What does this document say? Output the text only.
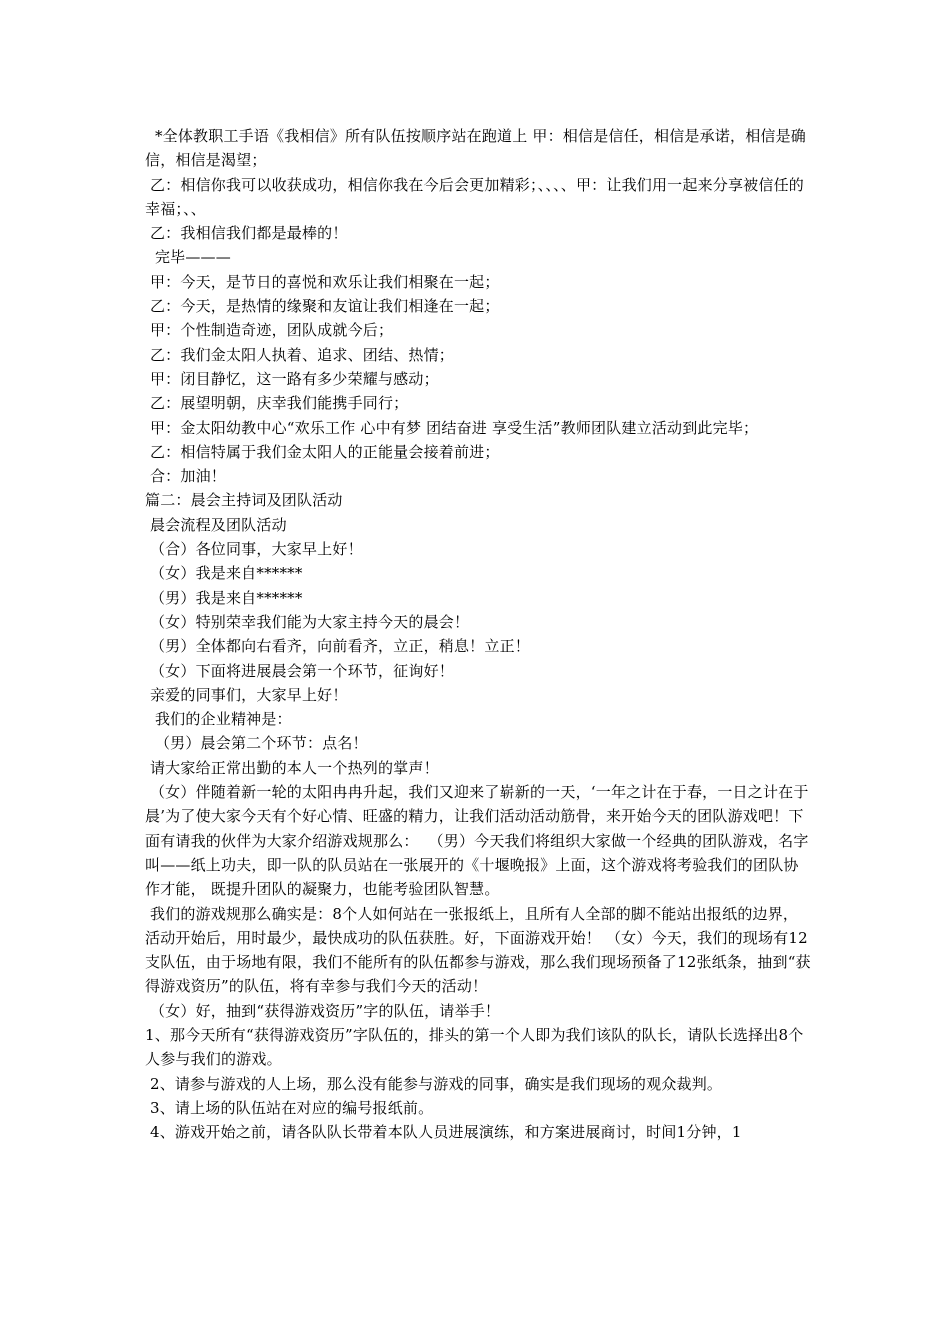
*全体教职工手语《我相信》所有队伍按顺序站在跑道上 甲：相信是信任，相信是承诺，相信是确信，相信是渴望；

乙：相信你我可以收获成功，相信你我在今后会更加精彩；、、、、甲：让我们用一起来分享被信任的幸福；、、

乙：我相信我们都是最棒的！

完毕———

甲：今天，是节日的喜悦和欢乐让我们相聚在一起；

乙：今天，是热情的缘聚和友谊让我们相逢在一起；

甲：个性制造奇迹，团队成就今后；

乙：我们金太阳人执着、追求、团结、热情；

甲：闭目静忆，这一路有多少荣耀与感动；

乙：展望明朝，庆幸我们能携手同行；

甲：金太阳幼教中心“欢乐工作 心中有梦 团结奋进 享受生活”教师团队建立活动到此完毕；

乙：相信特属于我们金太阳人的正能量会接着前进；

合：加油！

篇二：晨会主持词及团队活动

晨会流程及团队活动

（合）各位同事，大家早上好！

（女）我是来自******

（男）我是来自******

（女）特别荣幸我们能为大家主持今天的晨会！

（男）全体都向右看齐，向前看齐，立正，稍息！立正！

（女）下面将进展晨会第一个环节，征询好！

亲爱的同事们，大家早上好！

我们的企业精神是：

（男）晨会第二个环节：点名！

请大家给正常出勤的本人一个热列的掌声！

（女）伴随着新一轮的太阳冉冉升起，我们又迎来了崭新的一天，‘一年之计在于春，一日之计在于晨’为了使大家今天有个好心情、旺盛的精力，让我们活动活动筋骨，来开始今天的团队游戏吧！下面有请我的伙伴为大家介绍游戏规那么：  （男）今天我们将组织大家做一个经典的团队游戏，名字叫——纸上功夫，即一队的队员站在一张展开的《十堰晚报》上面，这个游戏将考验我们的团队协作才能， 既提升团队的凝聚力，也能考验团队智慧。

我们的游戏规那么确实是：8个人如何站在一张报纸上，且所有人全部的脚不能站出报纸的边界，活动开始后，用时最少，最快成功的队伍获胜。好，下面游戏开始！ （女）今天，我们的现场有12支队伍，由于场地有限，我们不能所有的队伍都参与游戏，那么我们现场预备了12张纸条，抽到“获得游戏资历”的队伍，将有幸参与我们今天的活动！

（女）好，抽到“获得游戏资历”字的队伍，请举手！

1、那今天所有“获得游戏资历”字队伍的，排头的第一个人即为我们该队的队长，请队长选择出8个人参与我们的游戏。

2、请参与游戏的人上场，那么没有能参与游戏的同事，确实是我们现场的观众裁判。

3、请上场的队伍站在对应的编号报纸前。

4、游戏开始之前，请各队队长带着本队人员进展演练，和方案进展商讨，时间1分钟，1
